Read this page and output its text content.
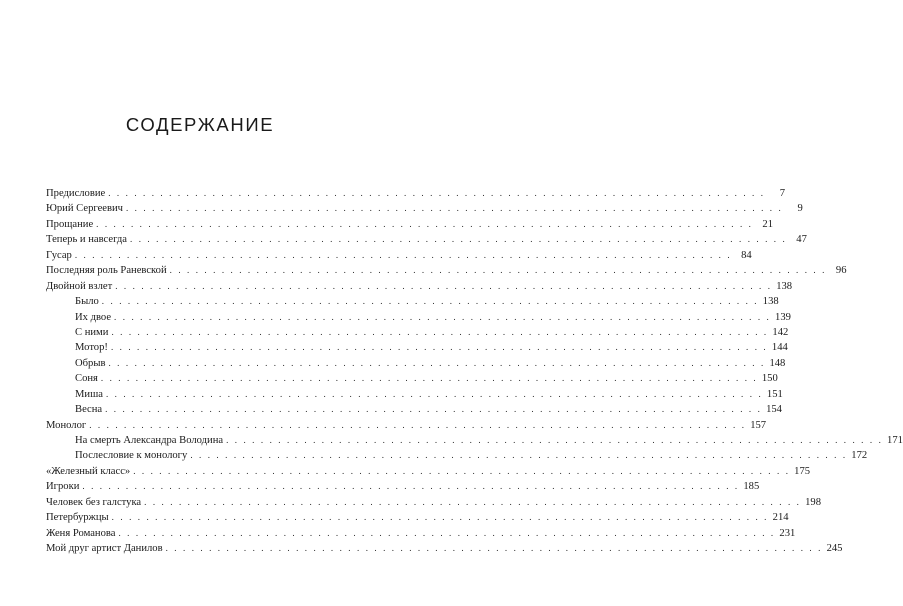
СОДЕРЖАНИЕ
Предисловие . . . . . . . . . . . . . . . . . . . . . . . . . . . . . . . . . . . . . . . . . . . . . . . . . . . . . . . . . . . . . . . . . . . . . . . . . . . .	7
Юрий Сергеевич . . . . . . . . . . . . . . . . . . . . . . . . . . . . . . . . . . . . . . . . . . . . . . . . . . . . . . . . . . . . . . . . . . . . . . . . . . . .	9
Прощание . . . . . . . . . . . . . . . . . . . . . . . . . . . . . . . . . . . . . . . . . . . . . . . . . . . . . . . . . . . . . . . . . . . . . . . . . . . . 21
Теперь и навсегда . . . . . . . . . . . . . . . . . . . . . . . . . . . . . . . . . . . . . . . . . . . . . . . . . . . . . . . . . . . . . . . . . . . . . . . . . . . . 47
Гусар . . . . . . . . . . . . . . . . . . . . . . . . . . . . . . . . . . . . . . . . . . . . . . . . . . . . . . . . . . . . . . . . . . . . . . . . . . . . 84
Последняя роль Раневской . . . . . . . . . . . . . . . . . . . . . . . . . . . . . . . . . . . . . . . . . . . . . . . . . . . . . . . . . . . . . . . . . . . . . . . . . . . . 96
Двойной взлет . . . . . . . . . . . . . . . . . . . . . . . . . . . . . . . . . . . . . . . . . . . . . . . . . . . . . . . . . . . . . . . . . . . . . . . . . . . . 138
Было . . . . . . . . . . . . . . . . . . . . . . . . . . . . . . . . . . . . . . . . . . . . . . . . . . . . . . . . . . . . . . . . . . . . . . . . . . . . 138
Их двое . . . . . . . . . . . . . . . . . . . . . . . . . . . . . . . . . . . . . . . . . . . . . . . . . . . . . . . . . . . . . . . . . . . . . . . . . . . . 139
С ними . . . . . . . . . . . . . . . . . . . . . . . . . . . . . . . . . . . . . . . . . . . . . . . . . . . . . . . . . . . . . . . . . . . . . . . . . . . . 142
Мотор! . . . . . . . . . . . . . . . . . . . . . . . . . . . . . . . . . . . . . . . . . . . . . . . . . . . . . . . . . . . . . . . . . . . . . . . . . . . . 144
Обрыв . . . . . . . . . . . . . . . . . . . . . . . . . . . . . . . . . . . . . . . . . . . . . . . . . . . . . . . . . . . . . . . . . . . . . . . . . . . . 148
Соня . . . . . . . . . . . . . . . . . . . . . . . . . . . . . . . . . . . . . . . . . . . . . . . . . . . . . . . . . . . . . . . . . . . . . . . . . . . . 150
Миша . . . . . . . . . . . . . . . . . . . . . . . . . . . . . . . . . . . . . . . . . . . . . . . . . . . . . . . . . . . . . . . . . . . . . . . . . . . . 151
Весна . . . . . . . . . . . . . . . . . . . . . . . . . . . . . . . . . . . . . . . . . . . . . . . . . . . . . . . . . . . . . . . . . . . . . . . . . . . . 154
Монолог . . . . . . . . . . . . . . . . . . . . . . . . . . . . . . . . . . . . . . . . . . . . . . . . . . . . . . . . . . . . . . . . . . . . . . . . . . . . 157
На смерть Александра Володина . . . . . . . . . . . . . . . . . . . . . . . . . . . . . . . . . . . . . . . . . . . . . . . . . . . . . . . . . . . . . . . . . . . . . . . . . . . . 171
Послесловие к монологу . . . . . . . . . . . . . . . . . . . . . . . . . . . . . . . . . . . . . . . . . . . . . . . . . . . . . . . . . . . . . . . . . . . . . . . . . . . . 172
«Железный класс» . . . . . . . . . . . . . . . . . . . . . . . . . . . . . . . . . . . . . . . . . . . . . . . . . . . . . . . . . . . . . . . . . . . . . . . . . . . . 175
Игроки . . . . . . . . . . . . . . . . . . . . . . . . . . . . . . . . . . . . . . . . . . . . . . . . . . . . . . . . . . . . . . . . . . . . . . . . . . . . 185
Человек без галстука . . . . . . . . . . . . . . . . . . . . . . . . . . . . . . . . . . . . . . . . . . . . . . . . . . . . . . . . . . . . . . . . . . . . . . . . . . . . 198
Петербуржцы . . . . . . . . . . . . . . . . . . . . . . . . . . . . . . . . . . . . . . . . . . . . . . . . . . . . . . . . . . . . . . . . . . . . . . . . . . . . 214
Женя Романова . . . . . . . . . . . . . . . . . . . . . . . . . . . . . . . . . . . . . . . . . . . . . . . . . . . . . . . . . . . . . . . . . . . . . . . . . . . . 231
Мой друг артист Данилов . . . . . . . . . . . . . . . . . . . . . . . . . . . . . . . . . . . . . . . . . . . . . . . . . . . . . . . . . . . . . . . . . . . . . . . . . . . . 245
